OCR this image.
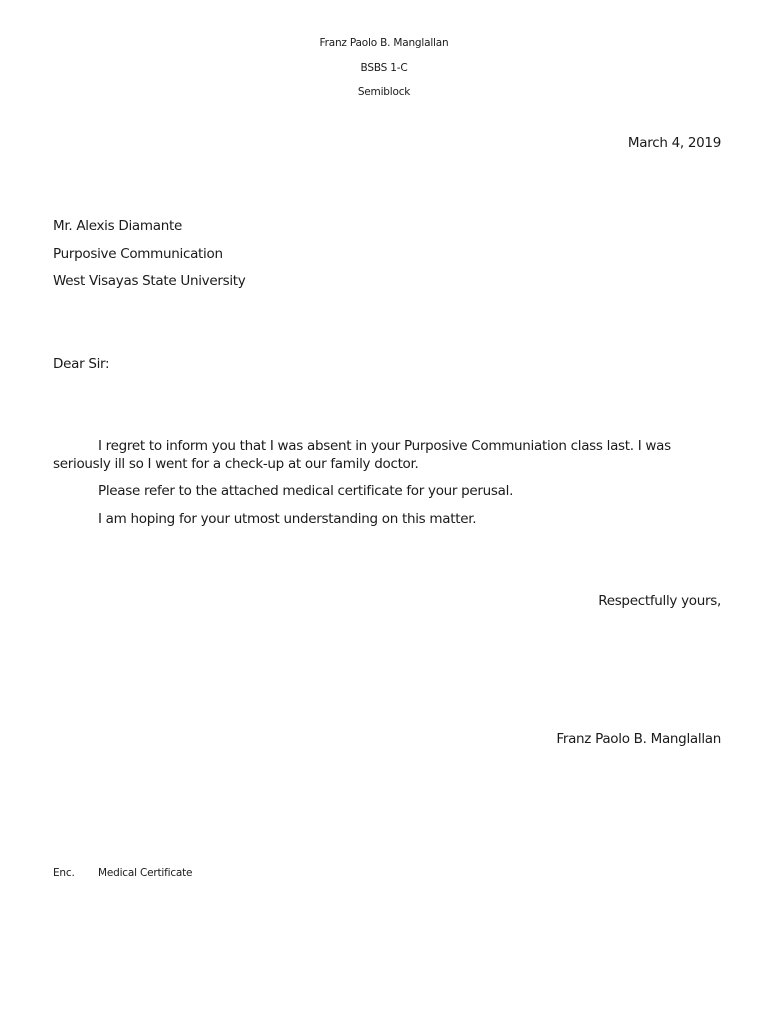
Franz Paolo B. Manglallan
BSBS 1-C
Semiblock
March 4, 2019
Mr. Alexis Diamante
Purposive Communication
West Visayas State University
Dear Sir:
I regret to inform you that I was absent in your Purposive Communiation class last. I was seriously ill so I went for a check-up at our family doctor.
Please refer to the attached medical certificate for your perusal.
I am hoping for your utmost understanding on this matter.
Respectfully yours,
Franz Paolo B. Manglallan
Enc. Medical Certificate
